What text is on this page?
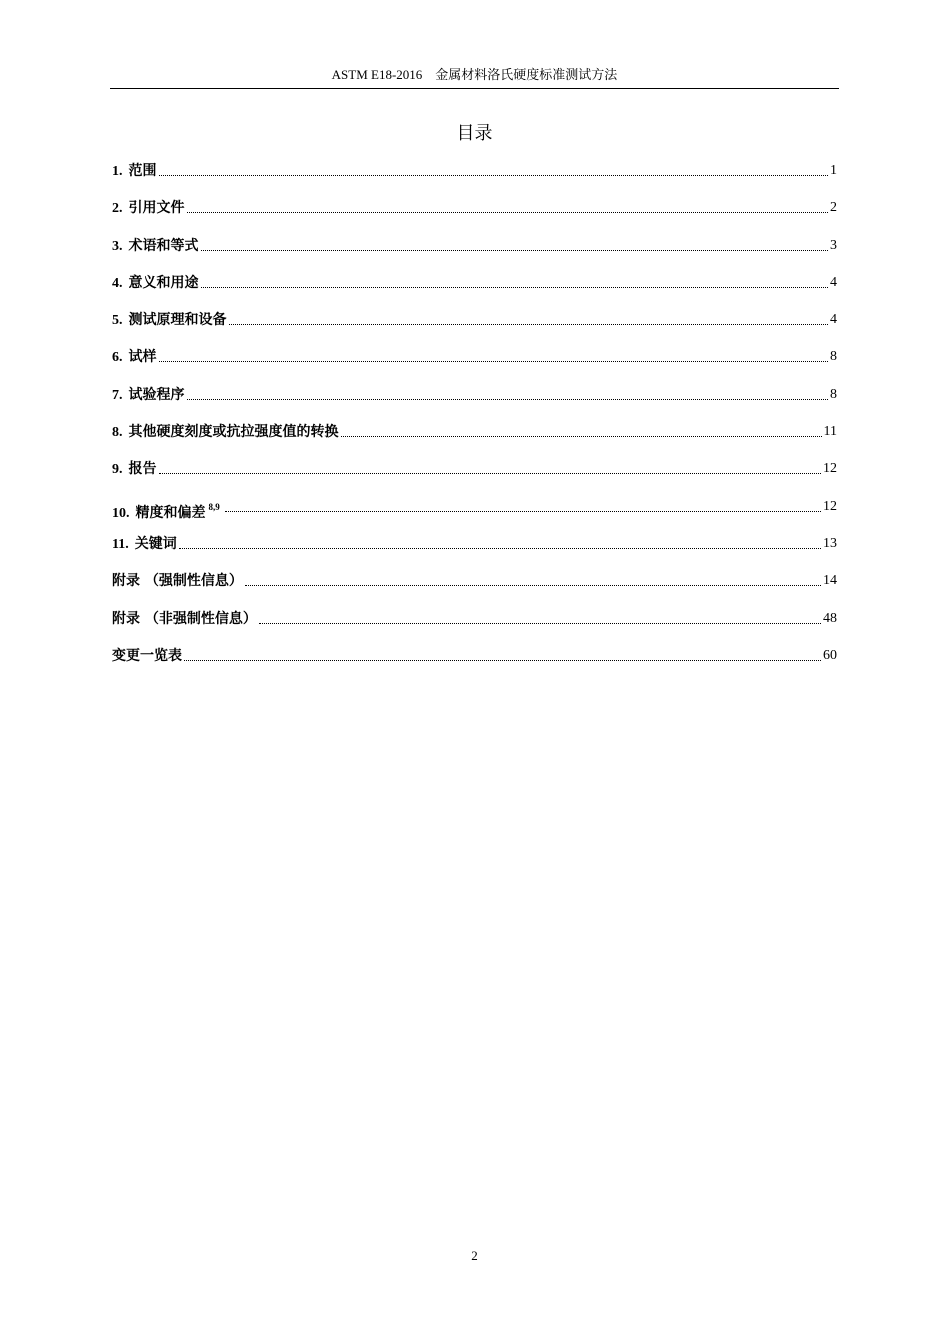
ASTM E18-2016　金属材料洛氏硬度标准测试方法
目录
1. 范围	1
2. 引用文件	2
3. 术语和等式	3
4. 意义和用途	4
5. 测试原理和设备	4
6. 试样	8
7. 试验程序	8
8. 其他硬度刻度或抗拉强度值的转换	11
9. 报告	12
10. 精度和偏差 $^{8,9}$	12
11. 关键词	13
附录 （强制性信息）	14
附录 （非强制性信息）	48
变更一览表	60
2
